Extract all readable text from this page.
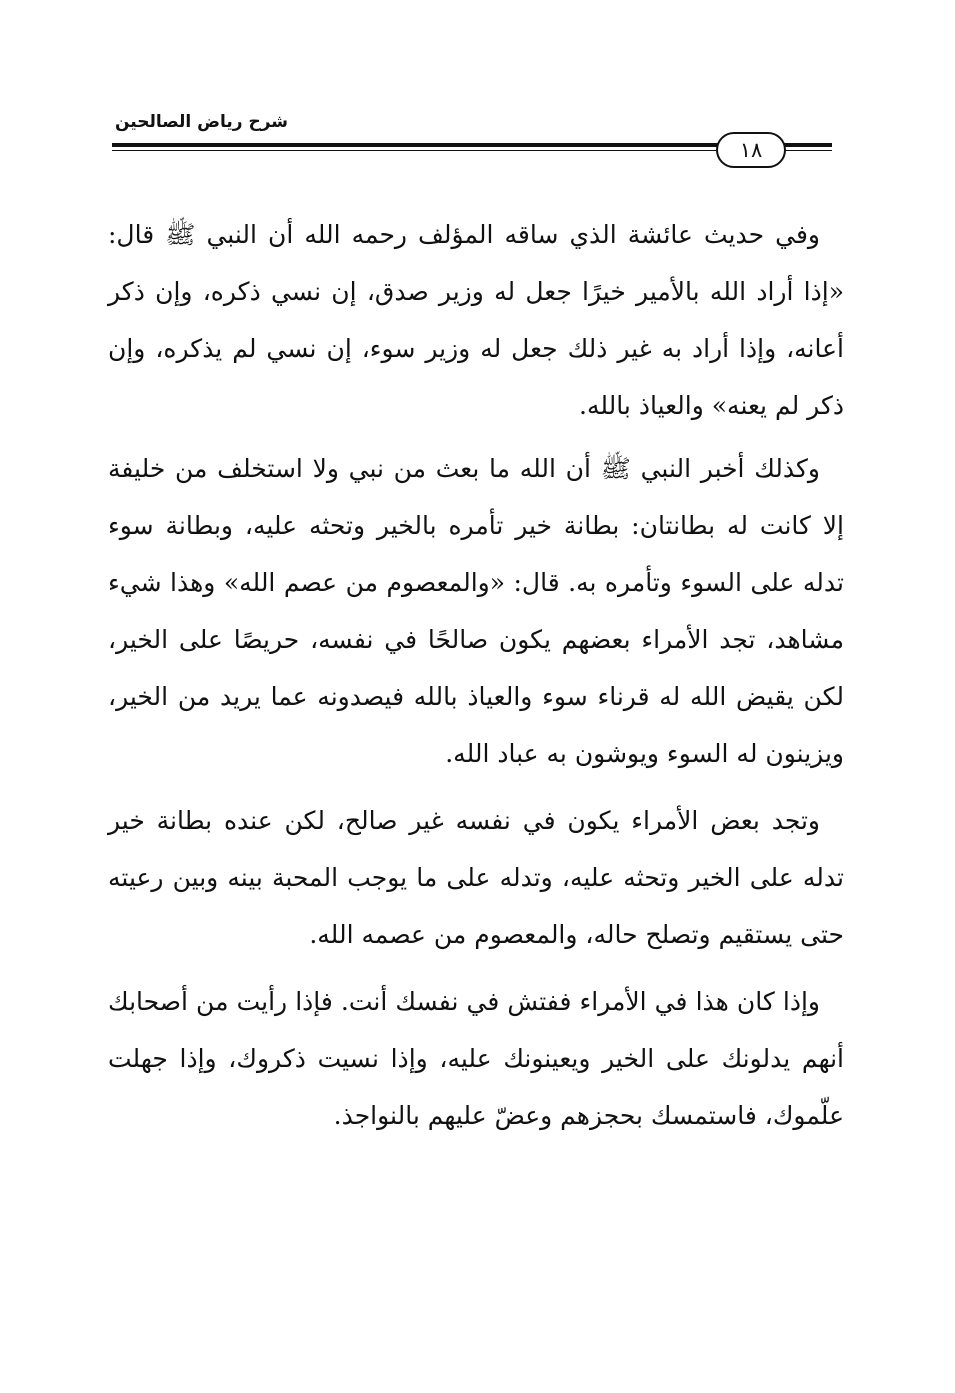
شرح رياض الصالحين
١٨

وفي حديث عائشة الذي ساقه المؤلف رحمه الله أن النبي ﷺ قال: «إذا أراد الله بالأمير خيرًا جعل له وزير صدق، إن نسي ذكره، وإن ذكر أعانه، وإذا أراد به غير ذلك جعل له وزير سوء، إن نسي لم يذكره، وإن ذكر لم يعنه» والعياذ بالله.

وكذلك أخبر النبي ﷺ أن الله ما بعث من نبي ولا استخلف من خليفة إلا كانت له بطانتان: بطانة خير تأمره بالخير وتحثه عليه، وبطانة سوء تدله على السوء وتأمره به. قال: «والمعصوم من عصم الله» وهذا شيء مشاهد، تجد الأمراء بعضهم يكون صالحًا في نفسه، حريصًا على الخير، لكن يقيض الله له قرناء سوء والعياذ بالله فيصدونه عما يريد من الخير، ويزينون له السوء ويوشون به عباد الله.

وتجد بعض الأمراء يكون في نفسه غير صالح، لكن عنده بطانة خير تدله على الخير وتحثه عليه، وتدله على ما يوجب المحبة بينه وبين رعيته حتى يستقيم وتصلح حاله، والمعصوم من عصمه الله.

وإذا كان هذا في الأمراء ففتش في نفسك أنت. فإذا رأيت من أصحابك أنهم يدلونك على الخير ويعينونك عليه، وإذا نسيت ذكروك، وإذا جهلت علّموك، فاستمسك بحجزهم وعضّ عليهم بالنواجذ.
